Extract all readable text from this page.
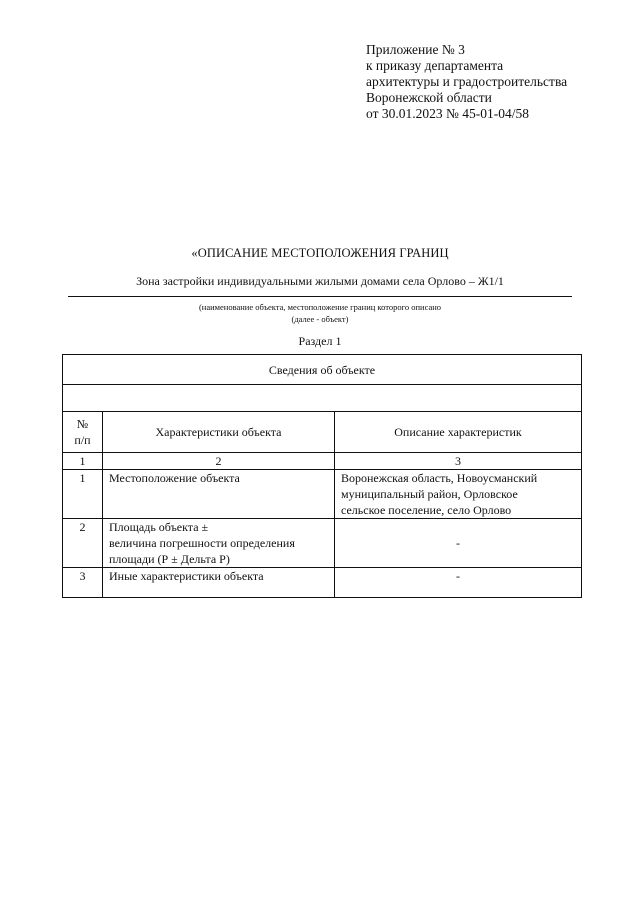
Приложение № 3
к приказу департамента
архитектуры и градостроительства
Воронежской области
от 30.01.2023 № 45-01-04/58
«ОПИСАНИЕ МЕСТОПОЛОЖЕНИЯ ГРАНИЦ
Зона застройки индивидуальными жилыми домами села Орлово – Ж1/1
(наименование объекта, местоположение границ которого описано
(далее - объект)
Раздел 1
Сведения об объекте		

№
п/п	Характеристики объекта	Описание характеристик
1	2	3
1	Местоположение объекта	Воронежская область, Новоусманский
муниципальный район, Орловское
сельское поселение, село Орлово

2	Площадь объекта ±
величина погрешности определения
площади (Р ± Дельта Р)	-

3	Иные характеристики объекта	-
